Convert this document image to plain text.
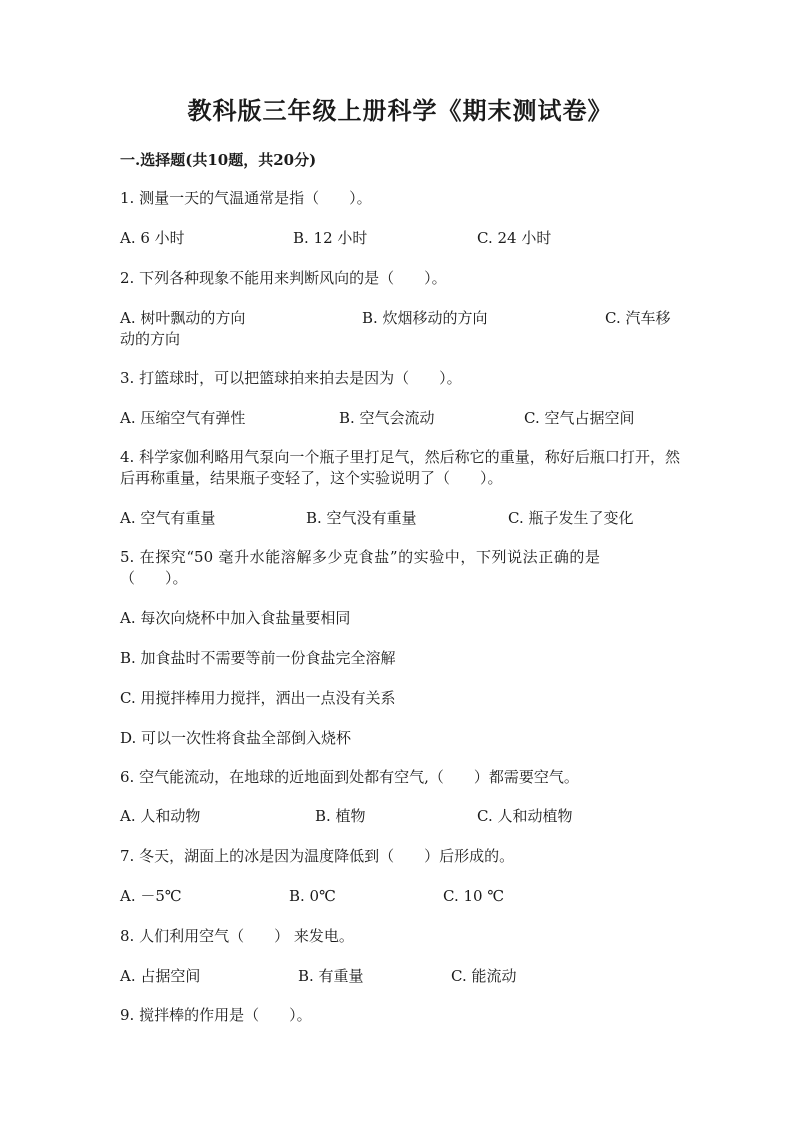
教科版三年级上册科学《期末测试卷》
一.选择题(共10题，共20分)
1. 测量一天的气温通常是指（　　）。
A. 6 小时	B. 12 小时	C. 24 小时
2. 下列各种现象不能用来判断风向的是（　　）。
A. 树叶飘动的方向	B. 炊烟移动的方向	C. 汽车移
动的方向
3. 打篮球时，可以把篮球拍来拍去是因为（　　）。
A. 压缩空气有弹性	B. 空气会流动	C. 空气占据空间
4. 科学家伽利略用气泵向一个瓶子里打足气，然后称它的重量，称好后瓶口打开，然后再称重量，结果瓶子变轻了，这个实验说明了（　　）。
A. 空气有重量	B. 空气没有重量	C. 瓶子发生了变化
5. 在探究“50 毫升水能溶解多少克食盐”的实验中，下列说法正确的是（　　）。
A. 每次向烧杯中加入食盐量要相同
B. 加食盐时不需要等前一份食盐完全溶解
C. 用搅拌棒用力搅拌，洒出一点没有关系
D. 可以一次性将食盐全部倒入烧杯
6. 空气能流动，在地球的近地面到处都有空气,（　　）都需要空气。
A. 人和动物	B. 植物	C. 人和动植物
7. 冬天，湖面上的冰是因为温度降低到（　　）后形成的。
A. －5℃	B. 0℃	C. 10 ℃
8. 人们利用空气（　　） 来发电。
A. 占据空间	B. 有重量	C. 能流动
9. 搅拌棒的作用是（　　）。
